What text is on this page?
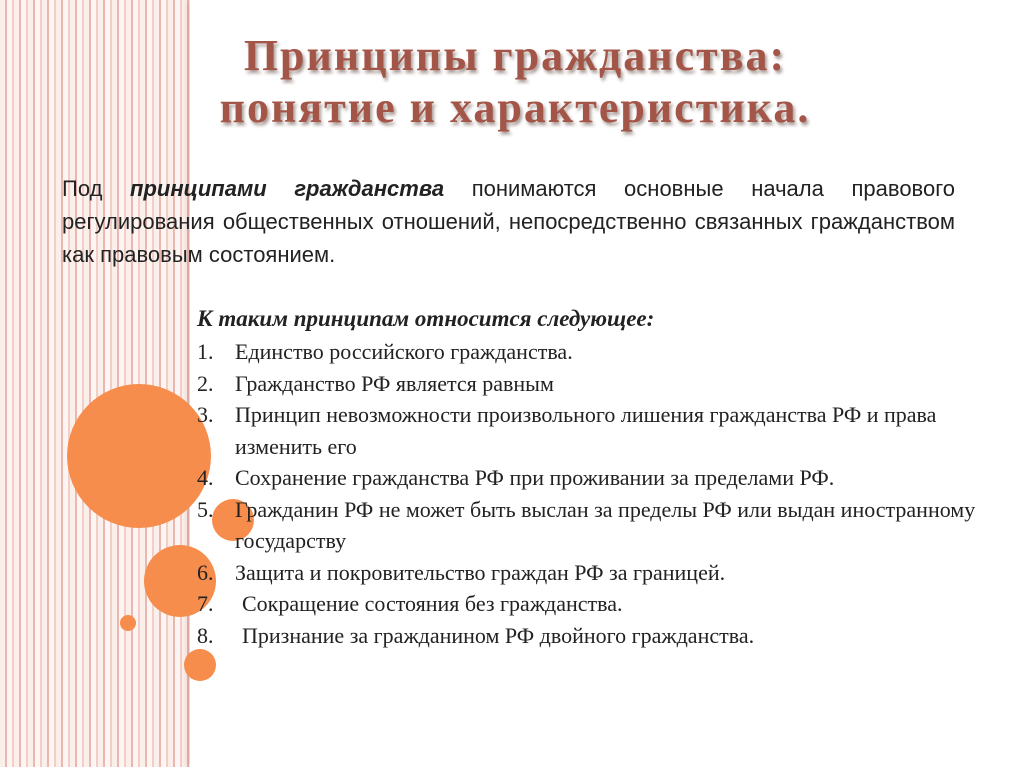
Принципы гражданства:
понятие и характеристика.

Под принципами гражданства понимаются основные начала правового регулирования общественных отношений, непосредственно связанных гражданством как правовым состоянием.

К таким принципам относится следующее:

1. Единство российского гражданства.
2. Гражданство РФ является равным
3. Принцип невозможности произвольного лишения гражданства РФ и права изменить его
4. Сохранение гражданства РФ при проживании за пределами РФ.
5. Гражданин РФ не может быть выслан за пределы РФ или выдан иностранному государству
6. Защита и покровительство граждан РФ за границей.
7.	Сокращение состояния без гражданства.
8.	Признание за гражданином РФ двойного гражданства.
